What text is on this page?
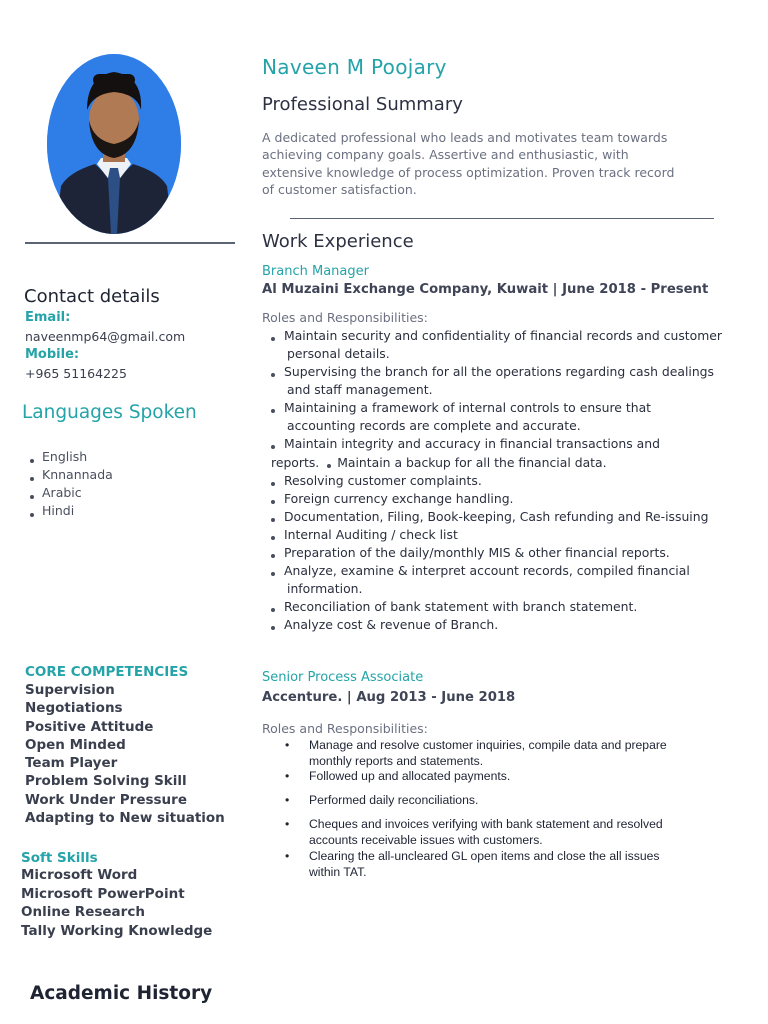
Contact details
Email:
naveenmp64@gmail.com
Mobile:
+965 51164225
Languages Spoken
English
Knnannada
Arabic
Hindi
CORE COMPETENCIES
Supervision
Negotiations
Positive Attitude
Open Minded
Team Player
Problem Solving Skill
Work Under Pressure
Adapting to New situation
Soft Skills
Microsoft Word
Microsoft PowerPoint
Online Research
Tally Working Knowledge
Academic History
Naveen M Poojary
Professional Summary
A dedicated professional who leads and motivates team towards
achieving company goals. Assertive and enthusiastic, with
extensive knowledge of process optimization. Proven track record
of customer satisfaction.
Work Experience
Branch Manager
Al Muzaini Exchange Company, Kuwait | June 2018 - Present
Roles and Responsibilities:
Maintain security and confidentiality of financial records and customer
personal details.
Supervising the branch for all the operations regarding cash dealings
and staff management.
Maintaining a framework of internal controls to ensure that
accounting records are complete and accurate.
Maintain integrity and accuracy in financial transactions and
reports. Maintain a backup for all the financial data.
Resolving customer complaints.
Foreign currency exchange handling.
Documentation, Filing, Book-keeping, Cash refunding and Re-issuing
Internal Auditing / check list
Preparation of the daily/monthly MIS & other financial reports.
Analyze, examine & interpret account records, compiled financial
information.
Reconciliation of bank statement with branch statement.
Analyze cost & revenue of Branch.
Senior Process Associate
Accenture. | Aug 2013 - June 2018
Roles and Responsibilities:
• Manage and resolve customer inquiries, compile data and prepare
monthly reports and statements.
• Followed up and allocated payments.
• Performed daily reconciliations.
• Cheques and invoices verifying with bank statement and resolved
accounts receivable issues with customers.
• Clearing the all-uncleared GL open items and close the all issues
within TAT.
